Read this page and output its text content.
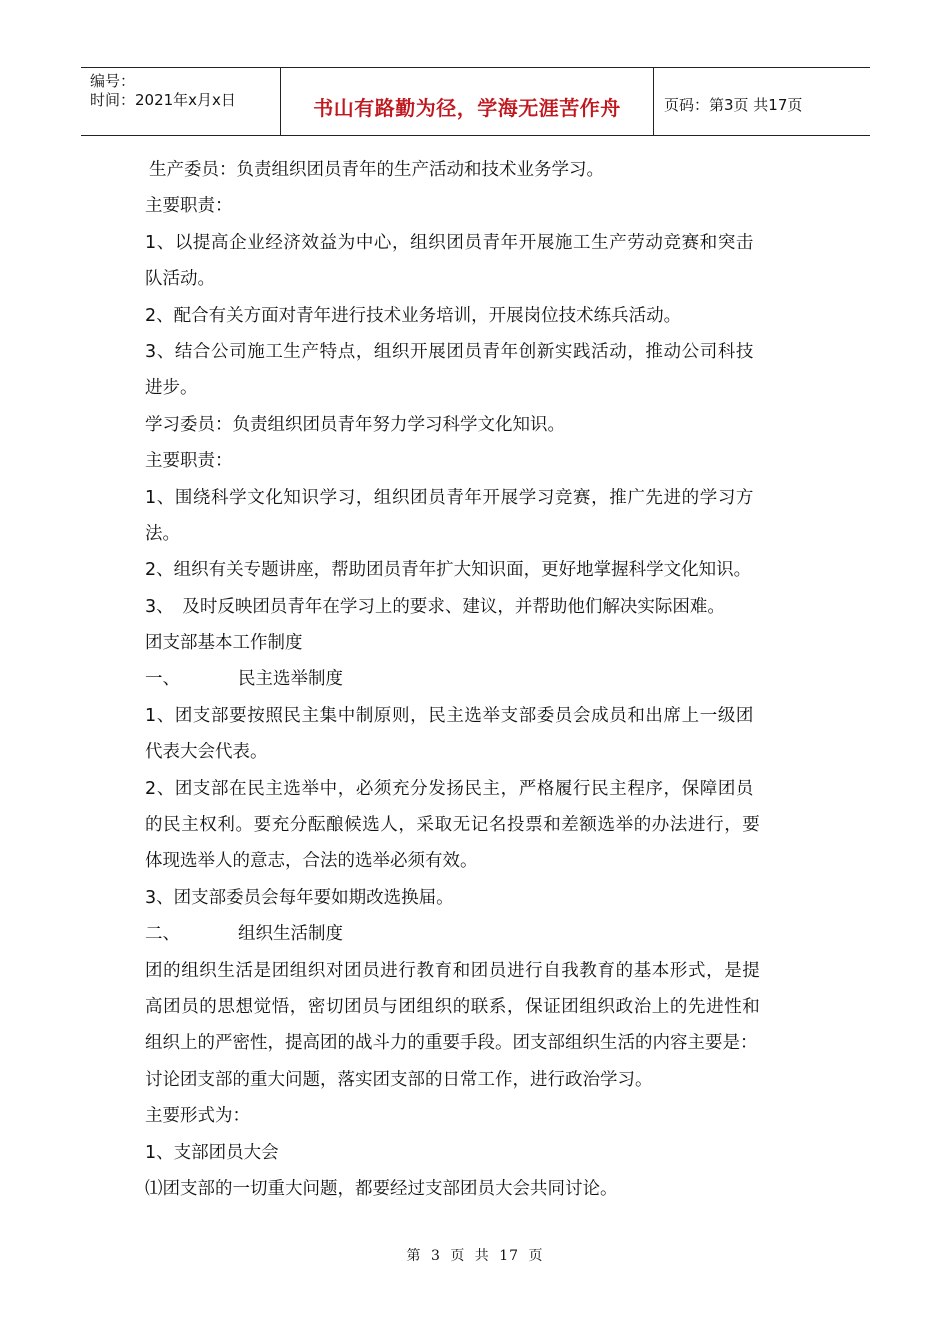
编号：
时间：2021年x月x日	书山有路勤为径，学海无涯苦作舟	页码：第3页 共17页
生产委员：负责组织团员青年的生产活动和技术业务学习。
主要职责：
1、以提高企业经济效益为中心，组织团员青年开展施工生产劳动竞赛和突击
队活动。
2、配合有关方面对青年进行技术业务培训，开展岗位技术练兵活动。
3、结合公司施工生产特点，组织开展团员青年创新实践活动，推动公司科技
进步。
学习委员：负责组织团员青年努力学习科学文化知识。
主要职责：
1、围绕科学文化知识学习，组织团员青年开展学习竞赛，推广先进的学习方
法。
2、组织有关专题讲座，帮助团员青年扩大知识面，更好地掌握科学文化知识。
3、　及时反映团员青年在学习上的要求、建议，并帮助他们解决实际困难。
团支部基本工作制度
一、	民主选举制度
1、团支部要按照民主集中制原则，民主选举支部委员会成员和出席上一级团
代表大会代表。
2、团支部在民主选举中，必须充分发扬民主，严格履行民主程序，保障团员
的民主权利。要充分酝酿候选人，采取无记名投票和差额选举的办法进行，要
体现选举人的意志，合法的选举必须有效。
3、团支部委员会每年要如期改选换届。
二、	组织生活制度
团的组织生活是团组织对团员进行教育和团员进行自我教育的基本形式，是提
高团员的思想觉悟，密切团员与团组织的联系，保证团组织政治上的先进性和
组织上的严密性，提高团的战斗力的重要手段。团支部组织生活的内容主要是：
讨论团支部的重大问题，落实团支部的日常工作，进行政治学习。
主要形式为：
1、支部团员大会
⑴团支部的一切重大问题，都要经过支部团员大会共同讨论。
第 3 页 共 17 页
